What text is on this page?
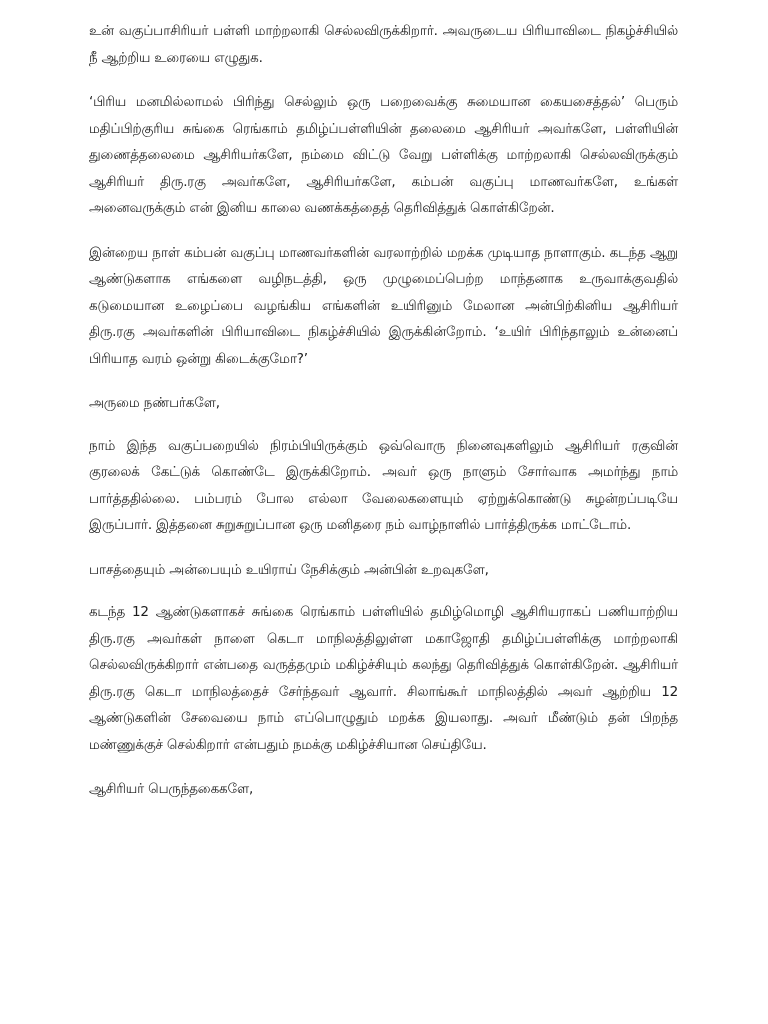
உன் வகுப்பாசிரியர் பள்ளி மாற்றலாகி செல்லவிருக்கிறார். அவருடைய பிரியாவிடை நிகழ்ச்சியில் நீ ஆற்றிய உரையை எழுதுக.

‘பிரிய மனமில்லாமல் பிரிந்து செல்லும் ஒரு பறைவைக்கு சுமையான கையசைத்தல்’ பெரும் மதிப்பிற்குரிய சுங்கை ரெங்காம் தமிழ்ப்பள்ளியின் தலைமை ஆசிரியர் அவர்களே, பள்ளியின் துணைத்தலைமை ஆசிரியர்களே, நம்மை விட்டு வேறு பள்ளிக்கு மாற்றலாகி செல்லவிருக்கும் ஆசிரியர் திரு.ரகு அவர்களே, ஆசிரியர்களே, கம்பன் வகுப்பு மாணவர்களே, உங்கள் அனைவருக்கும் என் இனிய காலை வணக்கத்தைத் தெரிவித்துக் கொள்கிறேன்.

இன்றைய நாள் கம்பன் வகுப்பு மாணவர்களின் வரலாற்றில் மறக்க முடியாத நாளாகும். கடந்த ஆறு ஆண்டுகளாக எங்களை வழிநடத்தி, ஒரு முழுமைப்பெற்ற மாந்தனாக உருவாக்குவதில் கடுமையான உழைப்பை வழங்கிய எங்களின் உயிரினும் மேலான அன்பிற்கினிய ஆசிரியர் திரு.ரகு அவர்களின் பிரியாவிடை நிகழ்ச்சியில் இருக்கின்றோம். ‘உயிர் பிரிந்தாலும் உன்னைப் பிரியாத வரம் ஒன்று கிடைக்குமோ?’

அருமை நண்பர்களே,

நாம் இந்த வகுப்பறையில் நிரம்பியிருக்கும் ஒவ்வொரு நினைவுகளிலும் ஆசிரியர் ரகுவின் குரலைக் கேட்டுக் கொண்டே இருக்கிறோம். அவர் ஒரு நாளும் சோர்வாக அமர்ந்து நாம் பார்த்ததில்லை. பம்பரம் போல எல்லா வேலைகளையும் ஏற்றுக்கொண்டு சுழன்றப்படியே இருப்பார். இத்தனை சுறுசுறுப்பான ஒரு மனிதரை நம் வாழ்நாளில் பார்த்திருக்க மாட்டோம்.

பாசத்தையும் அன்பையும் உயிராய் நேசிக்கும் அன்பின் உறவுகளே,

கடந்த 12 ஆண்டுகளாகச் சுங்கை ரெங்காம் பள்ளியில் தமிழ்மொழி ஆசிரியராகப் பணியாற்றிய திரு.ரகு அவர்கள் நாளை கெடா மாநிலத்திலுள்ள மகாஜோதி தமிழ்ப்பள்ளிக்கு மாற்றலாகி செல்லவிருக்கிறார் என்பதை வருத்தமும் மகிழ்ச்சியும் கலந்து தெரிவித்துக் கொள்கிறேன். ஆசிரியர் திரு.ரகு கெடா மாநிலத்தைச் சேர்ந்தவர் ஆவார். சிலாங்கூர் மாநிலத்தில் அவர் ஆற்றிய 12 ஆண்டுகளின் சேவையை நாம் எப்பொழுதும் மறக்க இயலாது. அவர் மீண்டும் தன் பிறந்த மண்ணுக்குச் செல்கிறார் என்பதும் நமக்கு மகிழ்ச்சியான செய்தியே.

ஆசிரியர் பெருந்தகைகளே,
